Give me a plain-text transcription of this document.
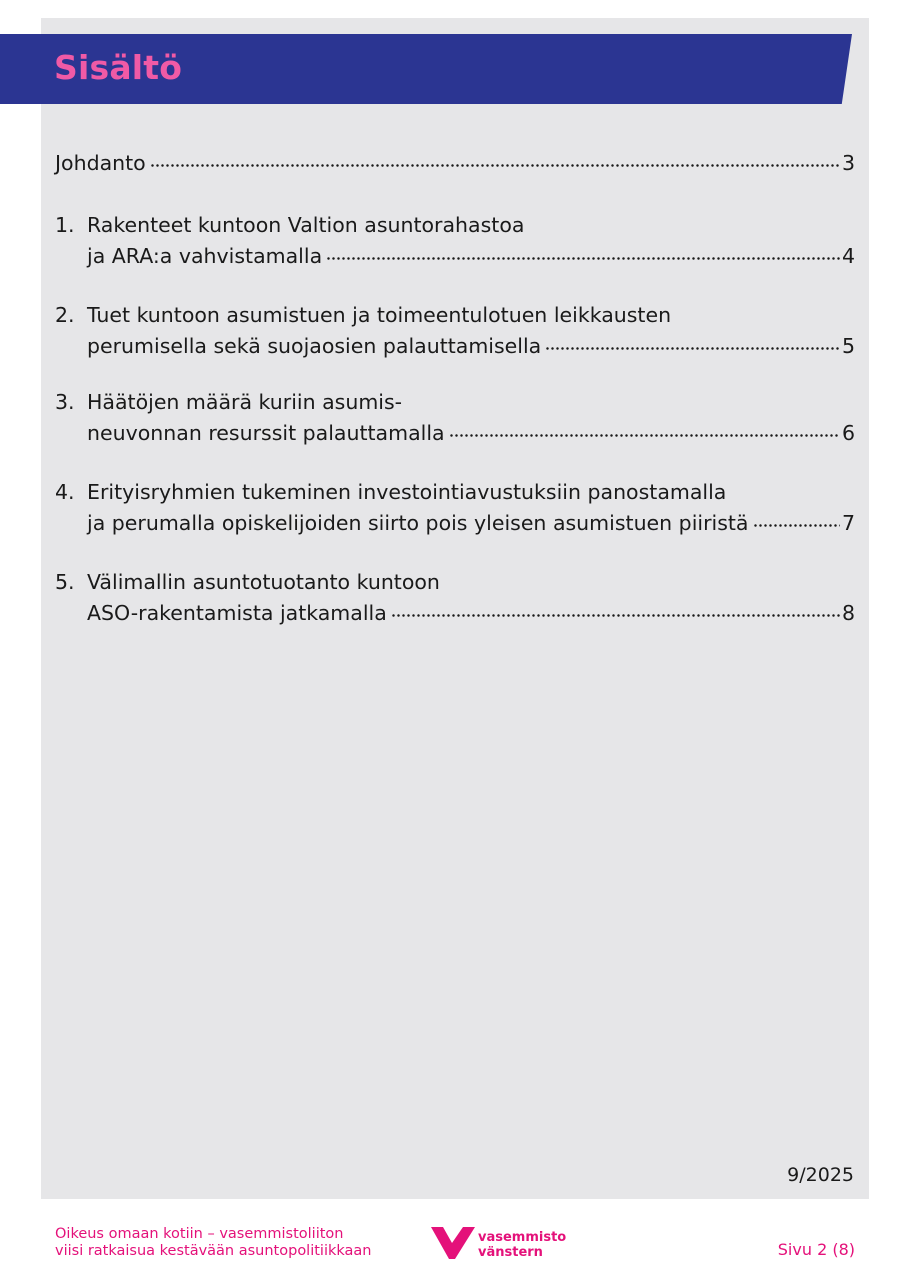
Sisältö
Johdanto	3
1. Rakenteet kuntoon Valtion asuntorahastoa
ja ARA:a vahvistamalla	4
2. Tuet kuntoon asumistuen ja toimeentulotuen leikkausten
perumisella sekä suojaosien palauttamisella	5
3. Häätöjen määrä kuriin asumis-
neuvonnan resurssit palauttamalla	6
4. Erityisryhmien tukeminen investointiavustuksiin panostamalla
ja perumalla opiskelijoiden siirto pois yleisen asumistuen piiristä	7
5. Välimallin asuntotuotanto kuntoon
ASO-rakentamista jatkamalla	8
9/2025
Oikeus omaan kotiin – vasemmistoliiton
viisi ratkaisua kestävään asuntopolitiikkaan
vasemmisto
vänstern	Sivu 2 (8)
